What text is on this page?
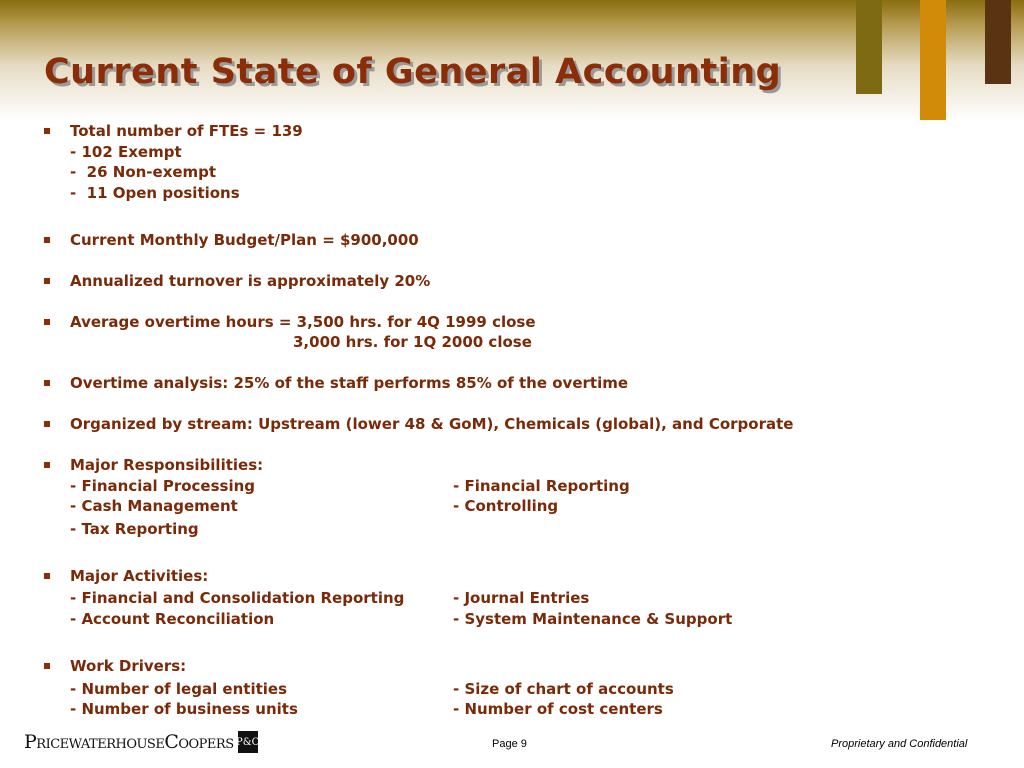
Current State of General Accounting

Total number of FTEs = 139

- 102 Exempt

-  26 Non-exempt

-  11 Open positions

Current Monthly Budget/Plan = $900,000

Annualized turnover is approximately 20%

Average overtime hours = 3,500 hrs. for 4Q 1999 close

3,000 hrs. for 1Q 2000 close

Overtime analysis: 25% of the staff performs 85% of the overtime

Organized by stream: Upstream (lower 48 & GoM), Chemicals (global), and Corporate

Major Responsibilities:

- Financial Processing	- Financial Reporting

- Cash Management	- Controlling

- Tax Reporting

Major Activities:

- Financial and Consolidation Reporting	- Journal Entries

- Account Reconciliation	- System Maintenance & Support

Work Drivers:

- Number of legal entities	- Size of chart of accounts

- Number of business units	- Number of cost centers

PricewaterhouseCoopers P&C	Page 9	Proprietary and Confidential
